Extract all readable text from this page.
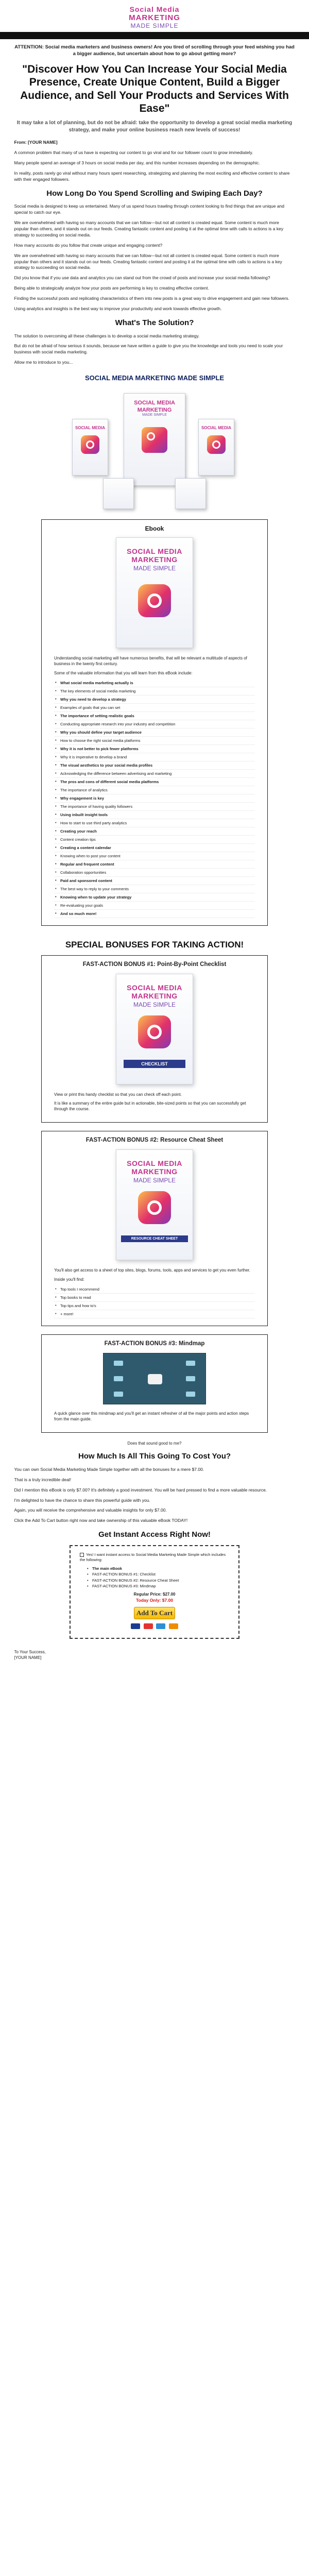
Social Media
MARKETING
MADE SIMPLE

ATTENTION: Social media marketers and business owners! Are you tired of scrolling through your feed wishing you had a bigger audience, but uncertain about how to go about getting more?

"Discover How You Can Increase Your Social Media Presence, Create Unique Content, Build a Bigger Audience, and Sell Your Products and Services With Ease"

It may take a lot of planning, but do not be afraid: take the opportunity to develop a great social media marketing strategy, and make your online business reach new levels of success!

From: [YOUR NAME]

A common problem that many of us have is expecting our content to go viral and for our follower count to grow immediately.

Many people spend an average of 3 hours on social media per day, and this number increases depending on the demographic.

In reality, posts rarely go viral without many hours spent researching, strategizing and planning the most exciting and effective content to share with their engaged followers.

How Long Do You Spend Scrolling and Swiping Each Day?

Social media is designed to keep us entertained. Many of us spend hours trawling through content looking to find things that are unique and special to catch our eye.

We are overwhelmed with having so many accounts that we can follow—but not all content is created equal. Some content is much more popular than others, and it stands out on our feeds. Creating fantastic content and posting it at the optimal time with calls to actions is a key strategy to succeeding on social media.

How many accounts do you follow that create unique and engaging content?

We are overwhelmed with having so many accounts that we can follow—but not all content is created equal. Some content is much more popular than others and it stands out on our feeds. Creating fantastic content and posting it at the optimal time with calls to actions is a key strategy to succeeding on social media.

Did you know that if you use data and analytics you can stand out from the crowd of posts and increase your social media following?

Being able to strategically analyze how your posts are performing is key to creating effective content.

Finding the successful posts and replicating characteristics of them into new posts is a great way to drive engagement and gain new followers.

Using analytics and insights is the best way to improve your productivity and work towards effective growth.

What's The Solution?

The solution to overcoming all these challenges is to develop a social media marketing strategy.

But do not be afraid of how serious it sounds, because we have written a guide to give you the knowledge and tools you need to scale your business with social media marketing.

Allow me to introduce to you...

SOCIAL MEDIA MARKETING MADE SIMPLE
SOCIAL MEDIA
SOCIAL MEDIA
MARKETING
MADE SIMPLE
SOCIAL MEDIA
Ebook
SOCIAL MEDIA
MARKETING
MADE SIMPLE

Understanding social marketing will have numerous benefits, that will be relevant a multitude of aspects of business in the twenty first century.

Some of the valuable information that you will learn from this eBook include:

• What social media marketing actually is
• The key elements of social media marketing
• Why you need to develop a strategy
• Examples of goals that you can set
• The importance of setting realistic goals
• Conducting appropriate research into your industry and competition
• Why you should define your target audience
• How to choose the right social media platforms
• Why it is not better to pick fewer platforms
• Why it is imperative to develop a brand
• The visual aesthetics to your social media profiles
• Acknowledging the difference between advertising and marketing
• The pros and cons of different social media platforms
• The importance of analytics
• Why engagement is key
• The importance of having quality followers
• Using inbuilt insight tools
• How to start to use third party analytics
• Creating your reach
• Content creation tips
• Creating a content calendar
• Knowing when to post your content
• Regular and frequent content
• Collaboration opportunities
• Paid and sponsored content
• The best way to reply to your comments
• Knowing when to update your strategy
• Re-evaluating your goals
• And so much more!
SPECIAL BONUSES FOR TAKING ACTION!
FAST-ACTION BONUS #1: Point-By-Point Checklist
SOCIAL MEDIA
MARKETING
MADE SIMPLE
CHECKLIST

View or print this handy checklist so that you can check off each point.

It is like a summary of the entire guide but in actionable, bite-sized points so that you can successfully get through the course.

FAST-ACTION BONUS #2: Resource Cheat Sheet
SOCIAL MEDIA
MARKETING
MADE SIMPLE
RESOURCE CHEAT SHEET

You'll also get access to a sheet of top sites, blogs, forums, tools, apps and services to get you even further.

Inside you'll find:

• Top tools I recommend
• Top books to read
• Top tips and how to's
• + more!
FAST-ACTION BONUS #3: Mindmap

A quick glance over this mindmap and you'll get an instant refresher of all the major points and action steps from the main guide.

Does that sound good to me?

How Much Is All This Going To Cost You?

You can own Social Media Marketing Made Simple together with all the bonuses for a mere $7.00.

That is a truly incredible deal!

Did I mention this eBook is only $7.00? It's definitely a good investment. You will be hard pressed to find a more valuable resource.

I'm delighted to have the chance to share this powerful guide with you.

Again, you will receive the comprehensive and valuable insights for only $7.00.

Click the Add To Cart button right now and take ownership of this valuable eBook TODAY!

Get Instant Access Right Now!

Yes! I want instant access to Social Media Marketing Made Simple which includes the following:

• The main eBook
• FAST-ACTION BONUS #1: Checklist
• FAST-ACTION BONUS #2: Resource Cheat Sheet
• FAST-ACTION BONUS #3: Mindmap
Regular Price: $27.00
Today Only: $7.00
Add To Cart

To Your Success,
[YOUR NAME]
